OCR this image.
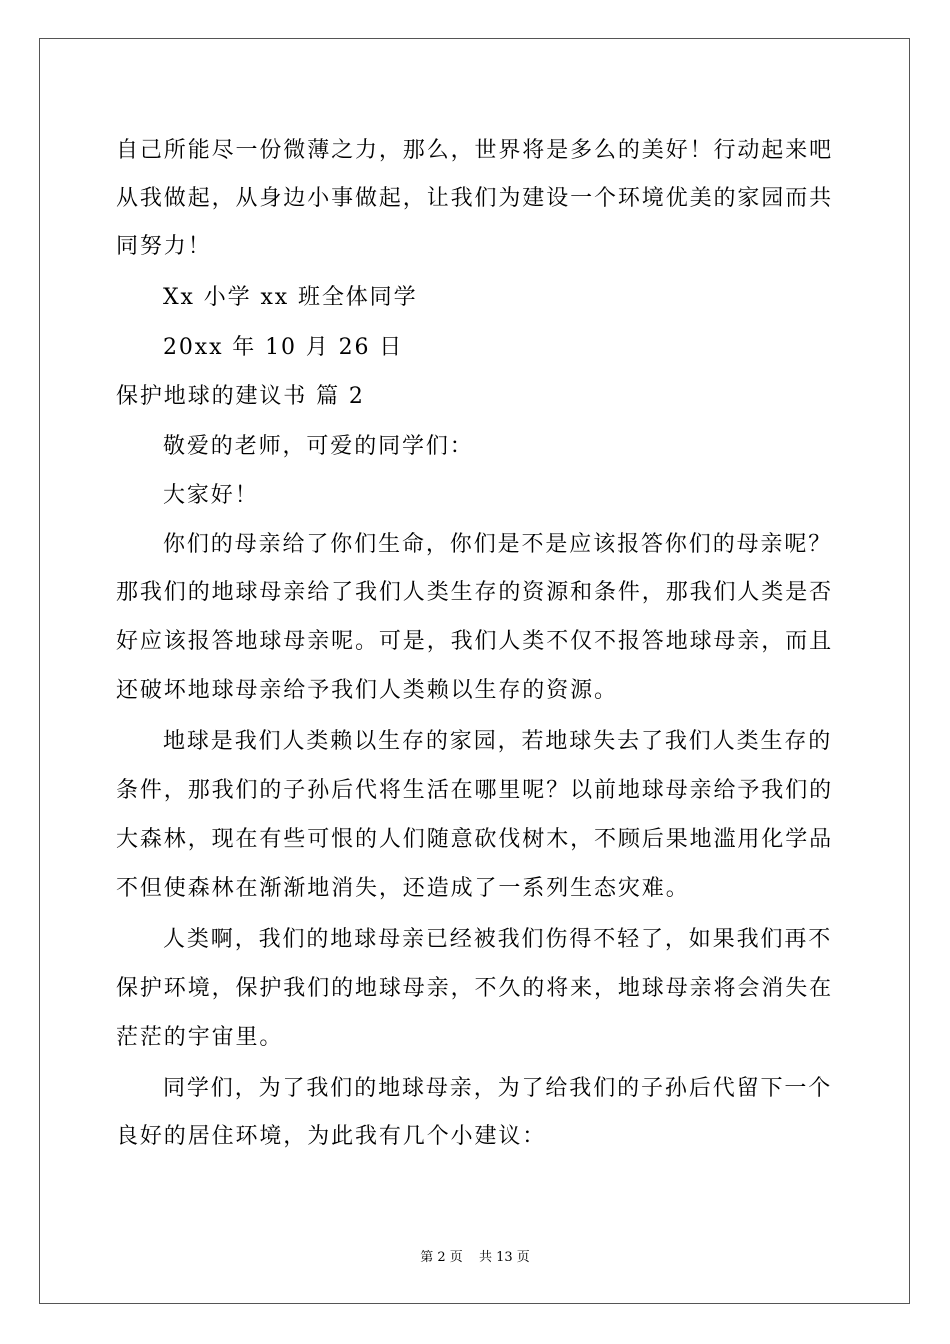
自己所能尽一份微薄之力，那么，世界将是多么的美好！行动起来吧
从我做起，从身边小事做起，让我们为建设一个环境优美的家园而共
同努力！
Xx 小学 xx 班全体同学
20xx 年 10 月 26 日
保护地球的建议书 篇 2
敬爱的老师，可爱的同学们：
大家好！
你们的母亲给了你们生命，你们是不是应该报答你们的母亲呢？
那我们的地球母亲给了我们人类生存的资源和条件，那我们人类是否
好应该报答地球母亲呢。可是，我们人类不仅不报答地球母亲，而且
还破坏地球母亲给予我们人类赖以生存的资源。
地球是我们人类赖以生存的家园，若地球失去了我们人类生存的
条件，那我们的子孙后代将生活在哪里呢？以前地球母亲给予我们的
大森林，现在有些可恨的人们随意砍伐树木，不顾后果地滥用化学品
不但使森林在渐渐地消失，还造成了一系列生态灾难。
人类啊，我们的地球母亲已经被我们伤得不轻了，如果我们再不
保护环境，保护我们的地球母亲，不久的将来，地球母亲将会消失在
茫茫的宇宙里。
同学们，为了我们的地球母亲，为了给我们的子孙后代留下一个
良好的居住环境，为此我有几个小建议：
第 2 页 共 13 页
